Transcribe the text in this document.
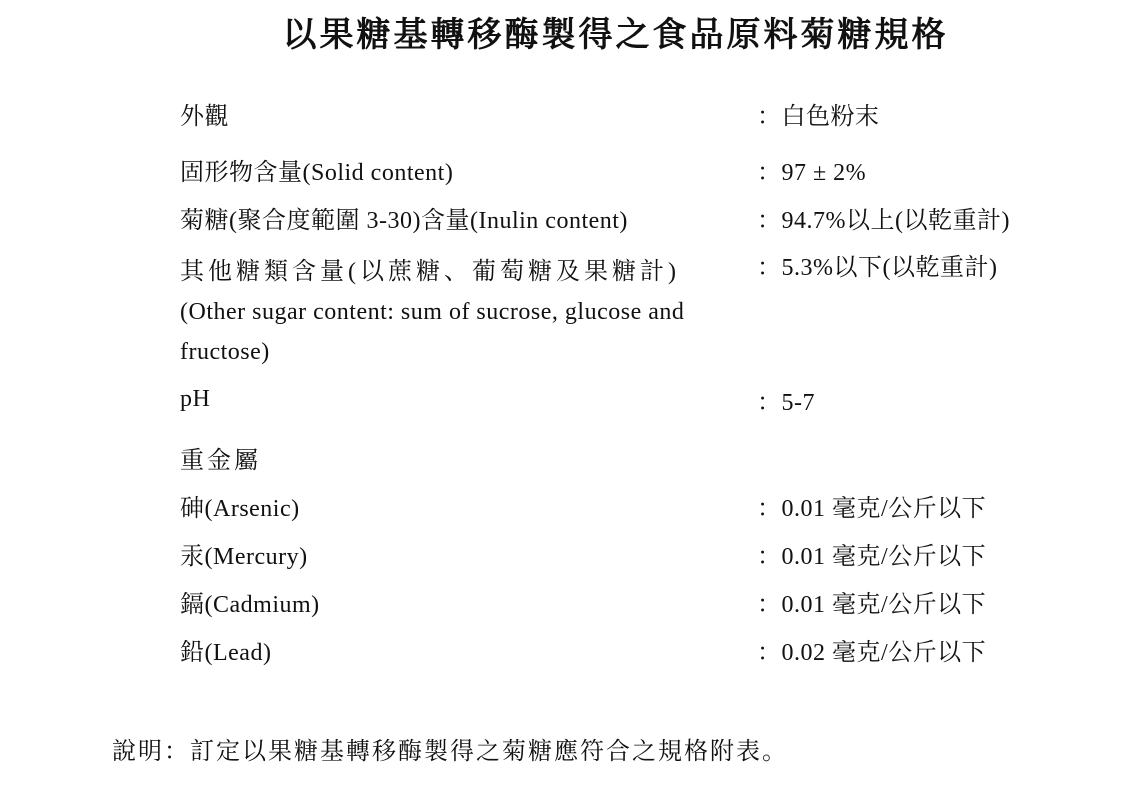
以果糖基轉移酶製得之食品原料菊糖規格
外觀	：白色粉末
固形物含量(Solid content)	：97 ± 2%
菊糖(聚合度範圍 3-30)含量(Inulin content)	：94.7%以上(以乾重計)
其他糖類含量(以蔗糖、葡萄糖及果糖計)
(Other sugar content: sum of sucrose, glucose and fructose)
：5.3%以下(以乾重計)
pH	：5-7
重金屬
砷(Arsenic)	：0.01 毫克/公斤以下
汞(Mercury)	：0.01 毫克/公斤以下
鎘(Cadmium)	：0.01 毫克/公斤以下
鉛(Lead)	：0.02 毫克/公斤以下
說明：訂定以果糖基轉移酶製得之菊糖應符合之規格附表。
